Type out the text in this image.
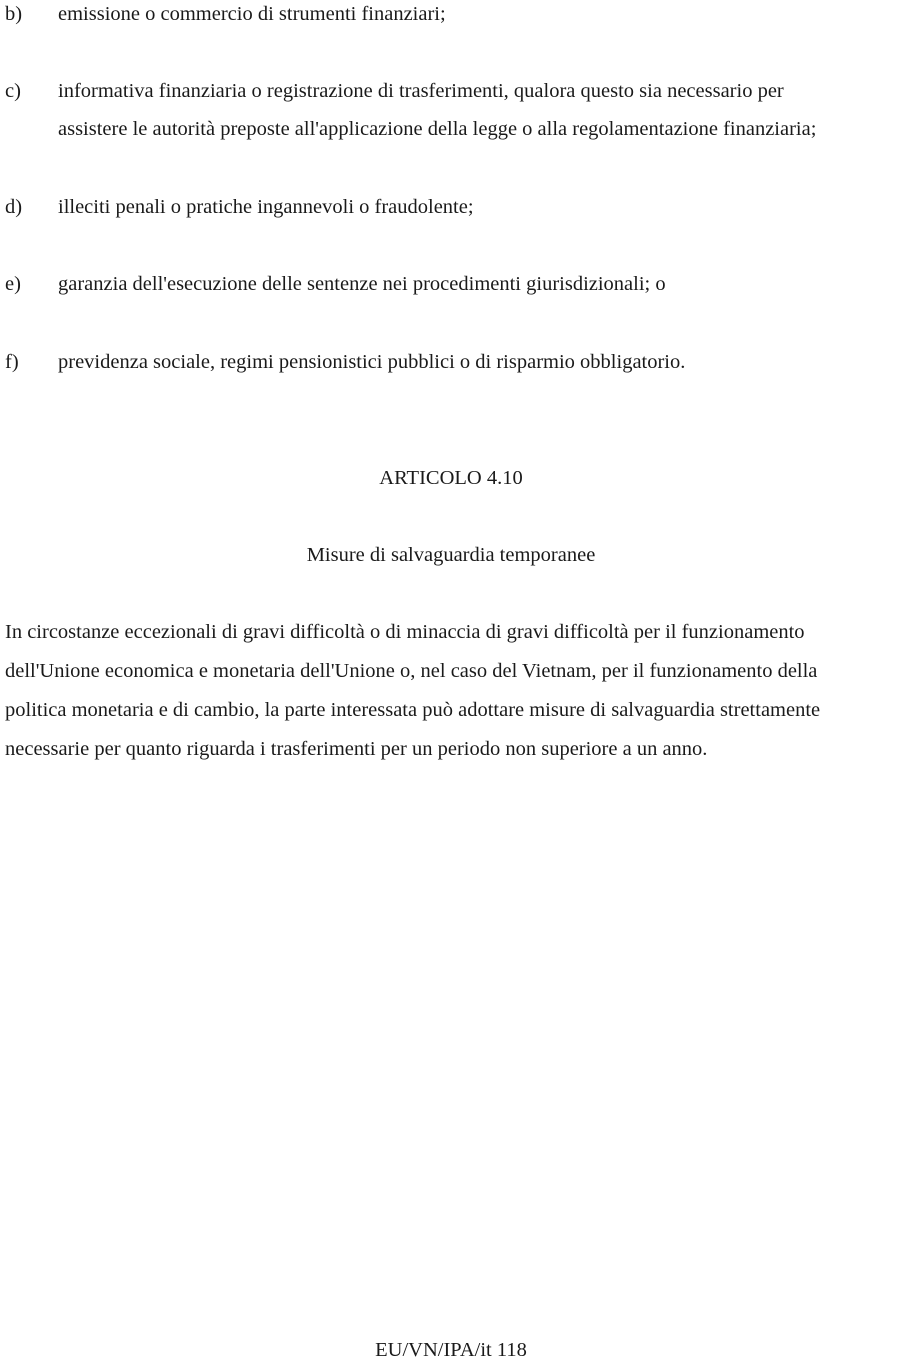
b) emissione o commercio di strumenti finanziari;
c) informativa finanziaria o registrazione di trasferimenti, qualora questo sia necessario per
assistere le autorità preposte all'applicazione della legge o alla regolamentazione finanziaria;
d) illeciti penali o pratiche ingannevoli o fraudolente;
e) garanzia dell'esecuzione delle sentenze nei procedimenti giurisdizionali; o
f) previdenza sociale, regimi pensionistici pubblici o di risparmio obbligatorio.
ARTICOLO 4.10
Misure di salvaguardia temporanee
In circostanze eccezionali di gravi difficoltà o di minaccia di gravi difficoltà per il funzionamento
dell'Unione economica e monetaria dell'Unione o, nel caso del Vietnam, per il funzionamento della
politica monetaria e di cambio, la parte interessata può adottare misure di salvaguardia strettamente
necessarie per quanto riguarda i trasferimenti per un periodo non superiore a un anno.
EU/VN/IPA/it 118
